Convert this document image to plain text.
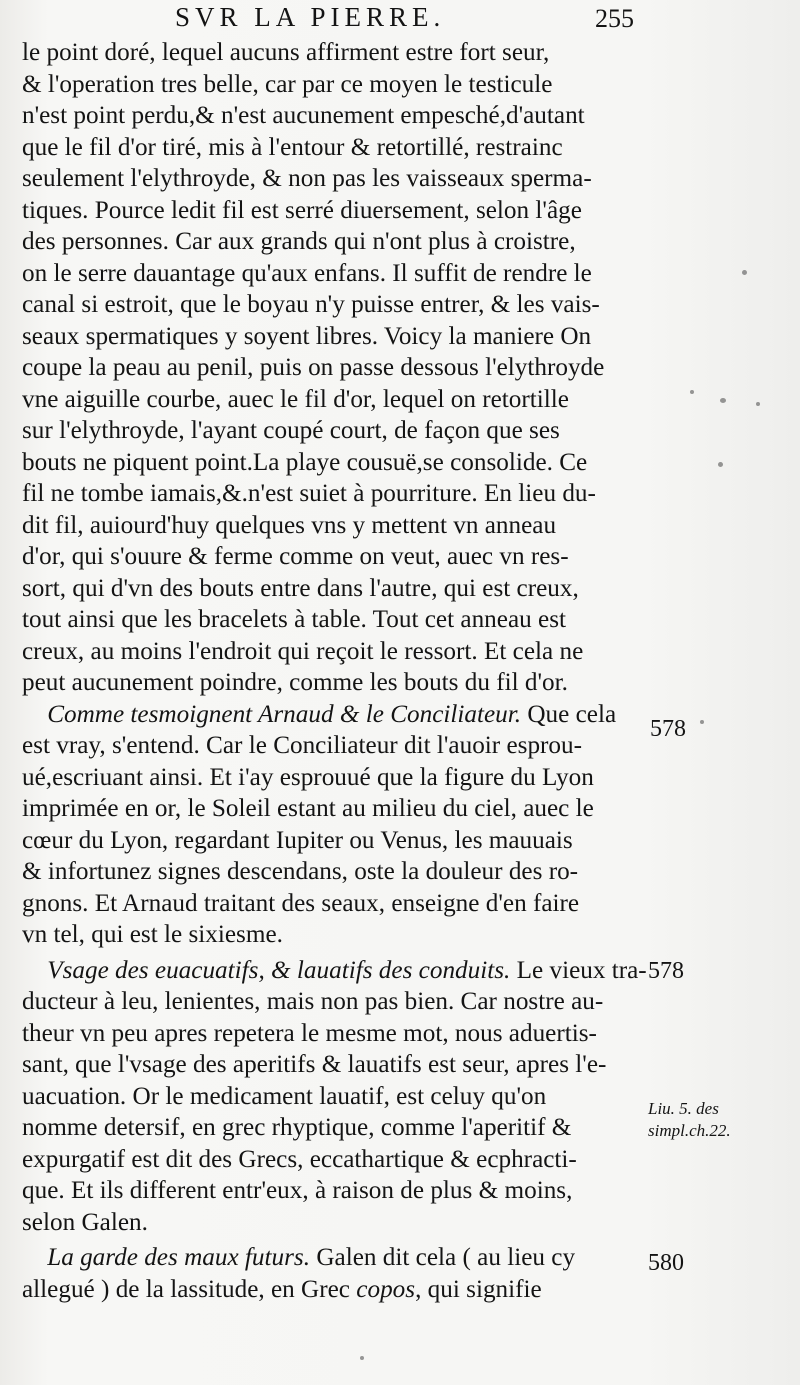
SVR LA PIERRE.	255
le point doré, lequel aucuns affirment estre fort seur,
& l'operation tres belle, car par ce moyen le testicule
n'est point perdu,& n'est aucunement empesché,d'autant
que le fil d'or tiré, mis à l'entour & retortillé, restrainc
seulement l'elythroyde, & non pas les vaisseaux sperma-
tiques. Pource ledit fil est serré diuersement, selon l'âge
des personnes. Car aux grands qui n'ont plus à croistre,
on le serre dauantage qu'aux enfans. Il suffit de rendre le
canal si estroit, que le boyau n'y puisse entrer, & les vais-
seaux spermatiques y soyent libres. Voicy la maniere On
coupe la peau au penil, puis on passe dessous l'elythroyde
vne aiguille courbe, auec le fil d'or, lequel on retortille
sur l'elythroyde, l'ayant coupé court, de façon que ses
bouts ne piquent point.La playe cousuë,se consolide. Ce
fil ne tombe iamais,&.n'est suiet à pourriture. En lieu du-
dit fil, auiourd'huy quelques vns y mettent vn anneau
d'or, qui s'ouure & ferme comme on veut, auec vn res-
sort, qui d'vn des bouts entre dans l'autre, qui est creux,
tout ainsi que les bracelets à table. Tout cet anneau est
creux, au moins l'endroit qui reçoit le ressort. Et cela ne
peut aucunement poindre, comme les bouts du fil d'or.
Comme tesmoignent Arnaud & le Conciliateur. Que cela
est vray, s'entend. Car le Conciliateur dit l'auoir esprou-
ué,escriuant ainsi. Et i'ay esprouué que la figure du Lyon
imprimée en or, le Soleil estant au milieu du ciel, auec le
cœur du Lyon, regardant Iupiter ou Venus, les mauuais
& infortunez signes descendans, oste la douleur des ro-
gnons. Et Arnaud traitant des seaux, enseigne d'en faire
vn tel, qui est le sixiesme.
Vsage des euacuatifs, & lauatifs des conduits. Le vieux tra-
ducteur à leu, lenientes, mais non pas bien. Car nostre au-
theur vn peu apres repetera le mesme mot, nous aduertis-
sant, que l'vsage des aperitifs & lauatifs est seur, apres l'e-
uacuation. Or le medicament lauatif, est celuy qu'on
nomme detersif, en grec rhyptique, comme l'aperitif &
expurgatif est dit des Grecs, eccathartique & ecphracti-
que. Et ils different entr'eux, à raison de plus & moins,
selon Galen.
La garde des maux futurs. Galen dit cela ( au lieu cy
allegué ) de la lassitude, en Grec copos, qui signifie
578
578
Liu. 5. des
simpl.ch.22.
580
